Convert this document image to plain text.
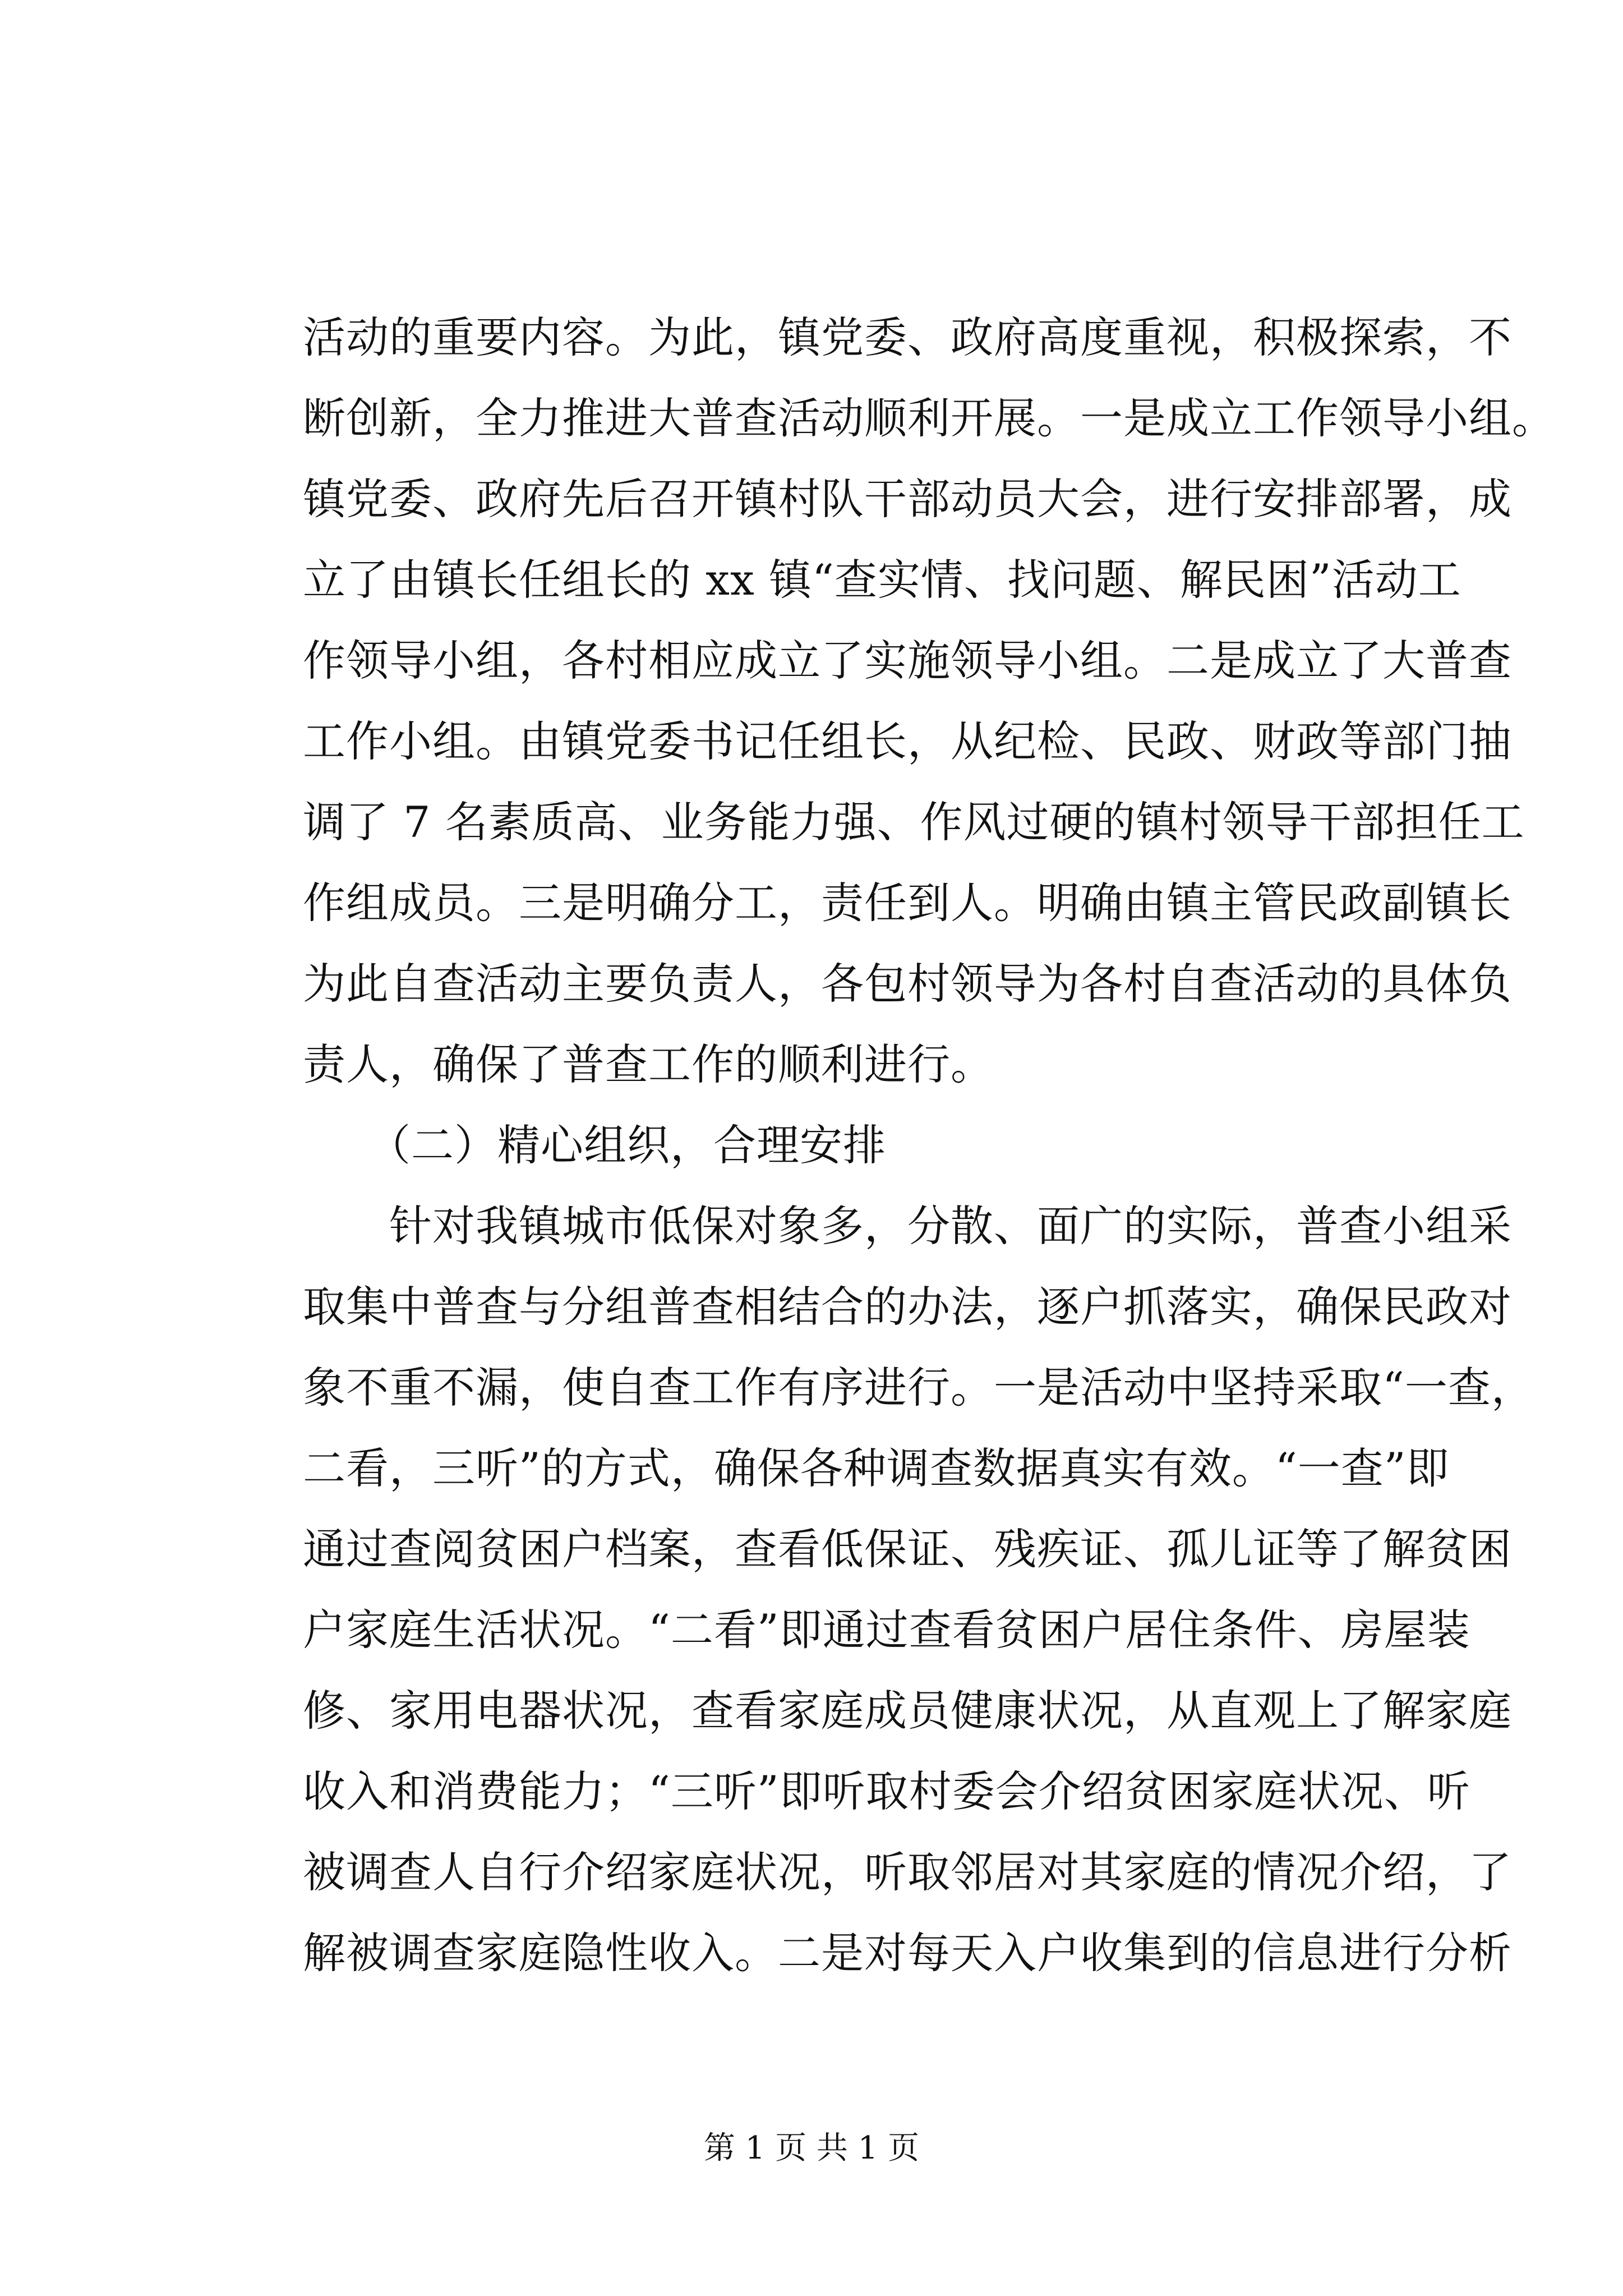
活动的重要内容。为此，镇党委、政府高度重视，积极探索，不
断创新，全力推进大普查活动顺利开展。一是成立工作领导小组。
镇党委、政府先后召开镇村队干部动员大会，进行安排部署，成
立了由镇长任组长的 xx 镇“查实情、找问题、解民困”活动工
作领导小组，各村相应成立了实施领导小组。二是成立了大普查
工作小组。由镇党委书记任组长，从纪检、民政、财政等部门抽
调了 7 名素质高、业务能力强、作风过硬的镇村领导干部担任工
作组成员。三是明确分工，责任到人。明确由镇主管民政副镇长
为此自查活动主要负责人，各包村领导为各村自查活动的具体负
责人，确保了普查工作的顺利进行。
　　（二）精心组织，合理安排
　　针对我镇城市低保对象多，分散、面广的实际，普查小组采
取集中普查与分组普查相结合的办法，逐户抓落实，确保民政对
象不重不漏，使自查工作有序进行。一是活动中坚持采取“一查，
二看，三听”的方式，确保各种调查数据真实有效。“一查”即
通过查阅贫困户档案，查看低保证、残疾证、孤儿证等了解贫困
户家庭生活状况。“二看”即通过查看贫困户居住条件、房屋装
修、家用电器状况，查看家庭成员健康状况，从直观上了解家庭
收入和消费能力；“三听”即听取村委会介绍贫困家庭状况、听
被调查人自行介绍家庭状况，听取邻居对其家庭的情况介绍，了
解被调查家庭隐性收入。二是对每天入户收集到的信息进行分析
第 1 页 共 1 页
